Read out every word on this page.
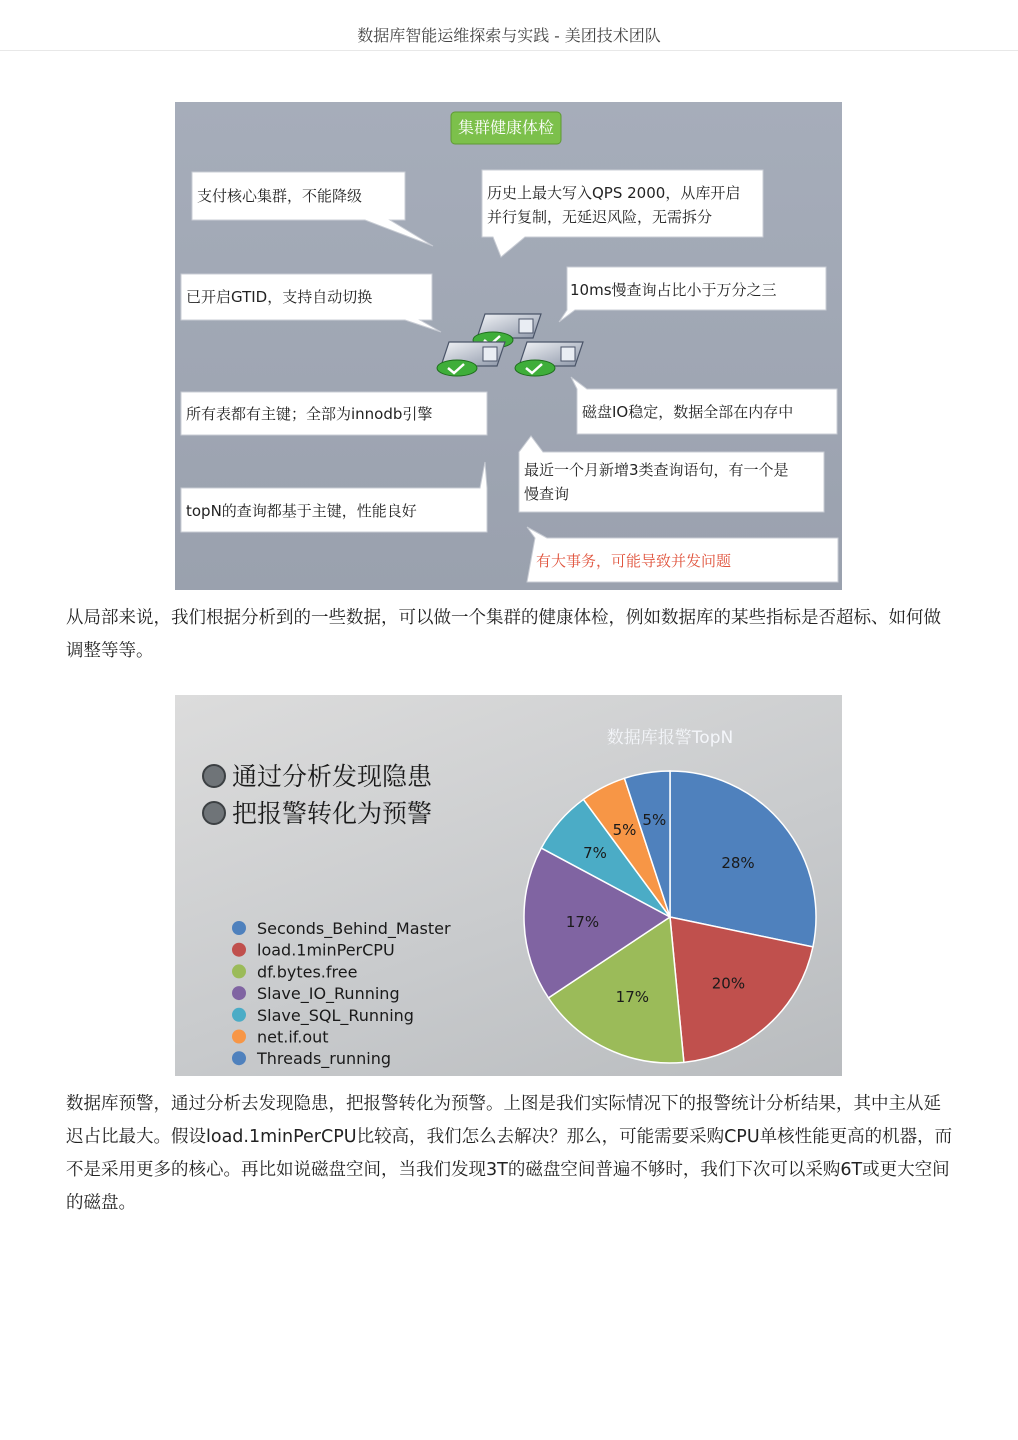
数据库智能运维探索与实践 - 美团技术团队
集群健康体检
支付核心集群，不能降级	历史上最大写入QPS 2000，从库开启
并行复制，无延迟风险，无需拆分
已开启GTID，支持自动切换	10ms慢查询占比小于万分之三
所有表都有主键；全部为innodb引擎	磁盘IO稳定，数据全部在内存中
最近一个月新增3类查询语句，有一个是
慢查询
topN的查询都基于主键，性能良好
有大事务，可能导致并发问题

从局部来说，我们根据分析到的一些数据，可以做一个集群的健康体检，例如数据库的某些指标是否超标、如何做调整等等。

通过分析发现隐患
把报警转化为预警
数据库报警TopN
28%
20%
17%
17%
7%
5%
5%
Seconds_Behind_Master
load.1minPerCPU
df.bytes.free
Slave_IO_Running
Slave_SQL_Running
net.if.out
Threads_running

数据库预警，通过分析去发现隐患，把报警转化为预警。上图是我们实际情况下的报警统计分析结果，其中主从延迟占比最大。假设load.1minPerCPU比较高，我们怎么去解决？那么，可能需要采购CPU单核性能更高的机器，而不是采用更多的核心。再比如说磁盘空间，当我们发现3T的磁盘空间普遍不够时，我们下次可以采购6T或更大空间的磁盘。
